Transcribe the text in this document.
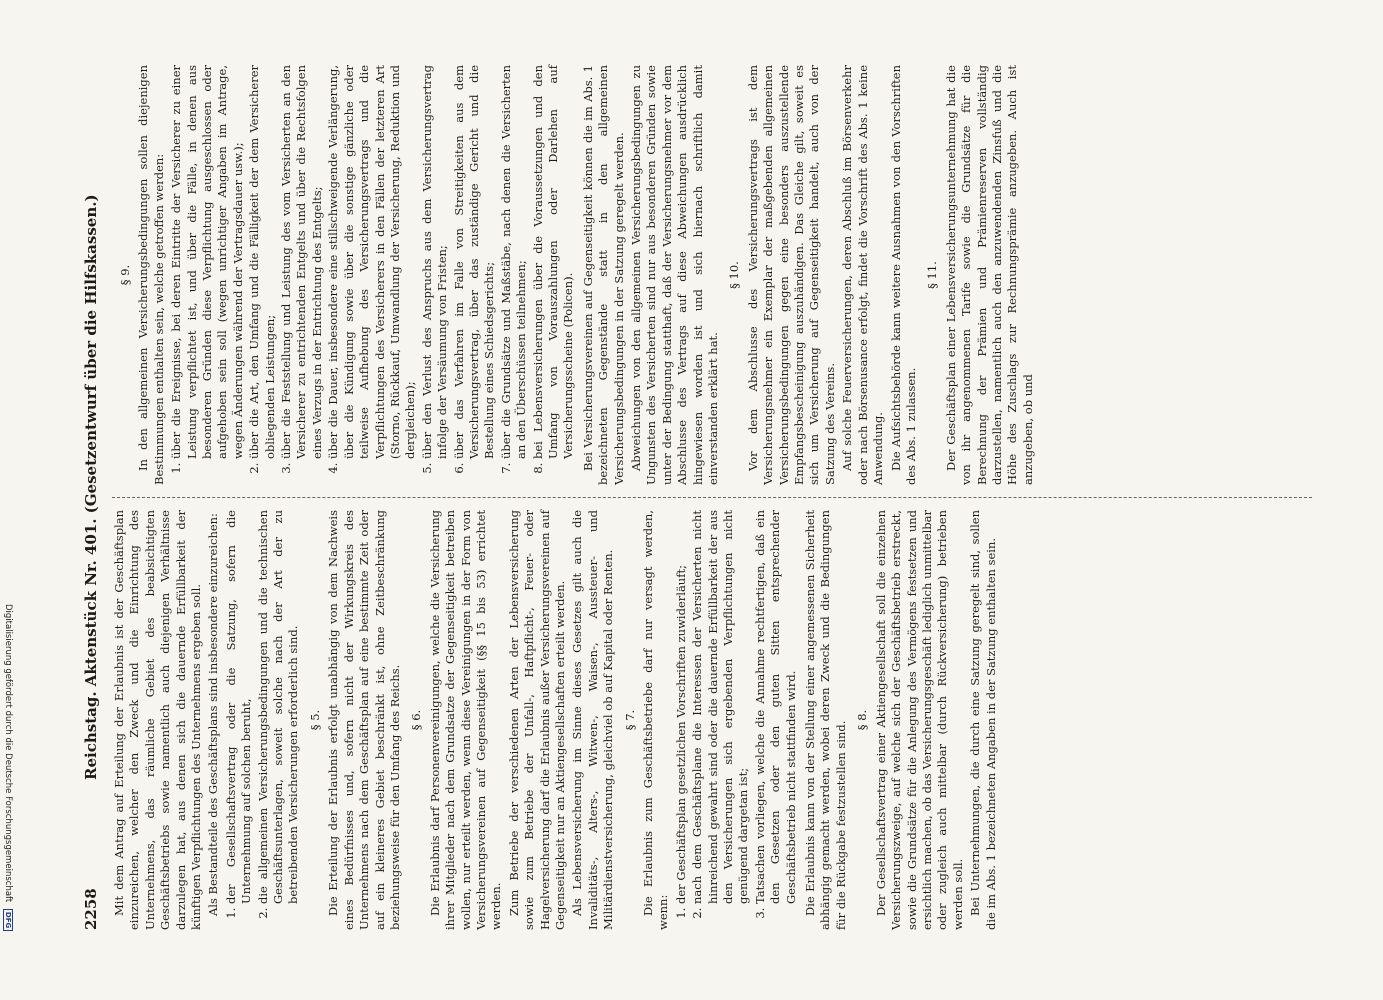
2258
Reichstag. Aktenstück Nr. 401. (Gesetzentwurf über die Hilfskassen.) Mit dem Antrag auf Erteilung der Erlaubnis ist der Geschäftsplan einzureichen, welcher den Zweck und die Einrichtung des Unternehmens, das räumliche Gebiet des beabsichtigten Geschäftsbetriebs sowie namentlich auch diejenigen Verhältnisse darzulegen hat, aus denen sich die dauernde Erfüllbarkeit der künftigen Verpflichtungen des Unternehmens ergeben soll. Als Bestandteile des Geschäftsplans sind insbesondere einzureichen: 1. der Gesellschaftsvertrag oder die Satzung, sofern die Unternehmung auf solchen beruht, 2. die allgemeinen Versicherungsbedingungen und die technischen Geschäftsunterlagen, soweit solche nach der Art der zu betreibenden Versicherungen erforderlich sind. § 5. Die Erteilung der Erlaubnis erfolgt unabhängig von dem Nachweis eines Bedürfnisses und, sofern nicht der Wirkungskreis des Unternehmens nach dem Geschäftsplan auf eine bestimmte Zeit oder auf ein kleineres Gebiet beschränkt ist, ohne Zeitbeschränkung beziehungsweise für den Umfang des Reichs. § 6. Die Erlaubnis darf Personenvereinigungen, welche die Versicherung ihrer Mitglieder nach dem Grundsatze der Gegenseitigkeit betreiben wollen, nur erteilt werden, wenn diese Vereinigungen in der Form von Versicherungsvereinen auf Gegenseitigkeit (§§ 15 bis 53) errichtet werden. Zum Betriebe der verschiedenen Arten der Lebensversicherung sowie zum Betriebe der Unfall-, Haftpflicht-, Feuer- oder Hagelversicherung darf die Erlaubnis außer Versicherungsvereinen auf Gegenseitigkeit nur an Aktiengesellschaften erteilt werden. Als Lebensversicherung im Sinne dieses Gesetzes gilt auch die Invaliditäts-, Alters-, Witwen-, Waisen-, Aussteuer- und Militärdienstversicherung, gleichviel ob auf Kapital oder Renten. § 7. Die Erlaubnis zum Geschäftsbetriebe darf nur versagt werden, wenn:

1. der Geschäftsplan gesetzlichen Vorschriften zuwiderläuft; 2. nach dem Geschäftsplane die Interessen der Versicherten nicht hinreichend gewahrt sind oder die dauernde Erfüllbarkeit der aus den Versicherungen sich ergebenden Verpflichtungen nicht genügend dargetan ist; 3. Tatsachen vorliegen, welche die Annahme rechtfertigen, daß ein den Gesetzen oder den guten Sitten entsprechender Geschäftsbetrieb nicht stattfinden wird. Die Erlaubnis kann von der Stellung einer angemessenen Sicherheit abhängig gemacht werden, wobei deren Zweck und die Bedingungen für die Rückgabe festzustellen sind.

§ 8. Der Gesellschaftsvertrag einer Aktiengesellschaft soll die einzelnen Versicherungszweige, auf welche sich der Geschäftsbetrieb erstreckt, sowie die Grundsätze für die Anlegung des Vermögens festsetzen und ersichtlich machen, ob das Versicherungsgeschäft lediglich unmittelbar oder zugleich auch mittelbar (durch Rückversicherung) betrieben werden soll. Bei Unternehmungen, die durch eine Satzung geregelt sind, sollen die im Abs. 1 bezeichneten Angaben in der Satzung enthalten sein.

§ 9. In den allgemeinen Versicherungsbedingungen sollen diejenigen Bestimmungen enthalten sein, welche getroffen werden: 1. über die Ereignisse, bei deren Eintritte der Versicherer zu einer Leistung verpflichtet ist, und über die Fälle, in denen aus besonderen Gründen diese Verpflichtung ausgeschlossen oder aufgehoben sein soll (wegen unrichtiger Angaben im Antrage, wegen Änderungen während der Vertragsdauer usw.); 2. über die Art, den Umfang und die Fälligkeit der dem Versicherer obliegenden Leistungen; 3. über die Feststellung und Leistung des vom Versicherten an den Versicherer zu entrichtenden Entgelts und über die Rechtsfolgen eines Verzugs in der Entrichtung des Entgelts; 4. über die Dauer, insbesondere eine stillschweigende Verlängerung, über die Kündigung sowie über die sonstige gänzliche oder teilweise Aufhebung des Versicherungsvertrags und die Verpflichtungen des Versicherers in den Fällen der letzteren Art (Storno, Rückkauf, Umwandlung der Versicherung, Reduktion und dergleichen); 5. über den Verlust des Anspruchs aus dem Versicherungsvertrag infolge der Versäumung von Fristen; 6. über das Verfahren im Falle von Streitigkeiten aus dem Versicherungsvertrag, über das zuständige Gericht und die Bestellung eines Schiedsgerichts; 7. über die Grundsätze und Maßstäbe, nach denen die Versicherten an den Überschüssen teilnehmen; 8. bei Lebensversicherungen über die Voraussetzungen und den Umfang von Vorauszahlungen oder Darlehen auf Versicherungsscheine (Policen). Bei Versicherungsvereinen auf Gegenseitigkeit können die im Abs. 1 bezeichneten Gegenstände statt in den allgemeinen Versicherungsbedingungen in der Satzung geregelt werden. Abweichungen von den allgemeinen Versicherungsbedingungen zu Ungunsten des Versicherten sind nur aus besonderen Gründen sowie unter der Bedingung statthaft, daß der Versicherungsnehmer vor dem Abschlusse des Vertrags auf diese Abweichungen ausdrücklich hingewiesen worden ist und sich hiernach schriftlich damit einverstanden erklärt hat.

§ 10. Vor dem Abschlusse des Versicherungsvertrags ist dem Versicherungsnehmer ein Exemplar der maßgebenden allgemeinen Versicherungsbedingungen gegen eine besonders auszustellende Empfangsbescheinigung auszuhändigen. Das Gleiche gilt, soweit es sich um Versicherung auf Gegenseitigkeit handelt, auch von der Satzung des Vereins. Auf solche Feuerversicherungen, deren Abschluß im Börsenverkehr oder nach Börsenusance erfolgt, findet die Vorschrift des Abs. 1 keine Anwendung. Die Aufsichtsbehörde kann weitere Ausnahmen von den Vorschriften des Abs. 1 zulassen.

§ 11. Der Geschäftsplan einer Lebensversicherungsunternehmung hat die von ihr angenommenen Tarife sowie die Grundsätze für die Berechnung der Prämien und Prämienreserven vollständig darzustellen, namentlich auch den anzuwendenden Zinsfuß und die Höhe des Zuschlags zur Rechnungsprämie anzugeben. Auch ist anzugeben, ob und

Digitalisierung gefördert durch die Deutsche Forschungsgemeinschaft DFG
